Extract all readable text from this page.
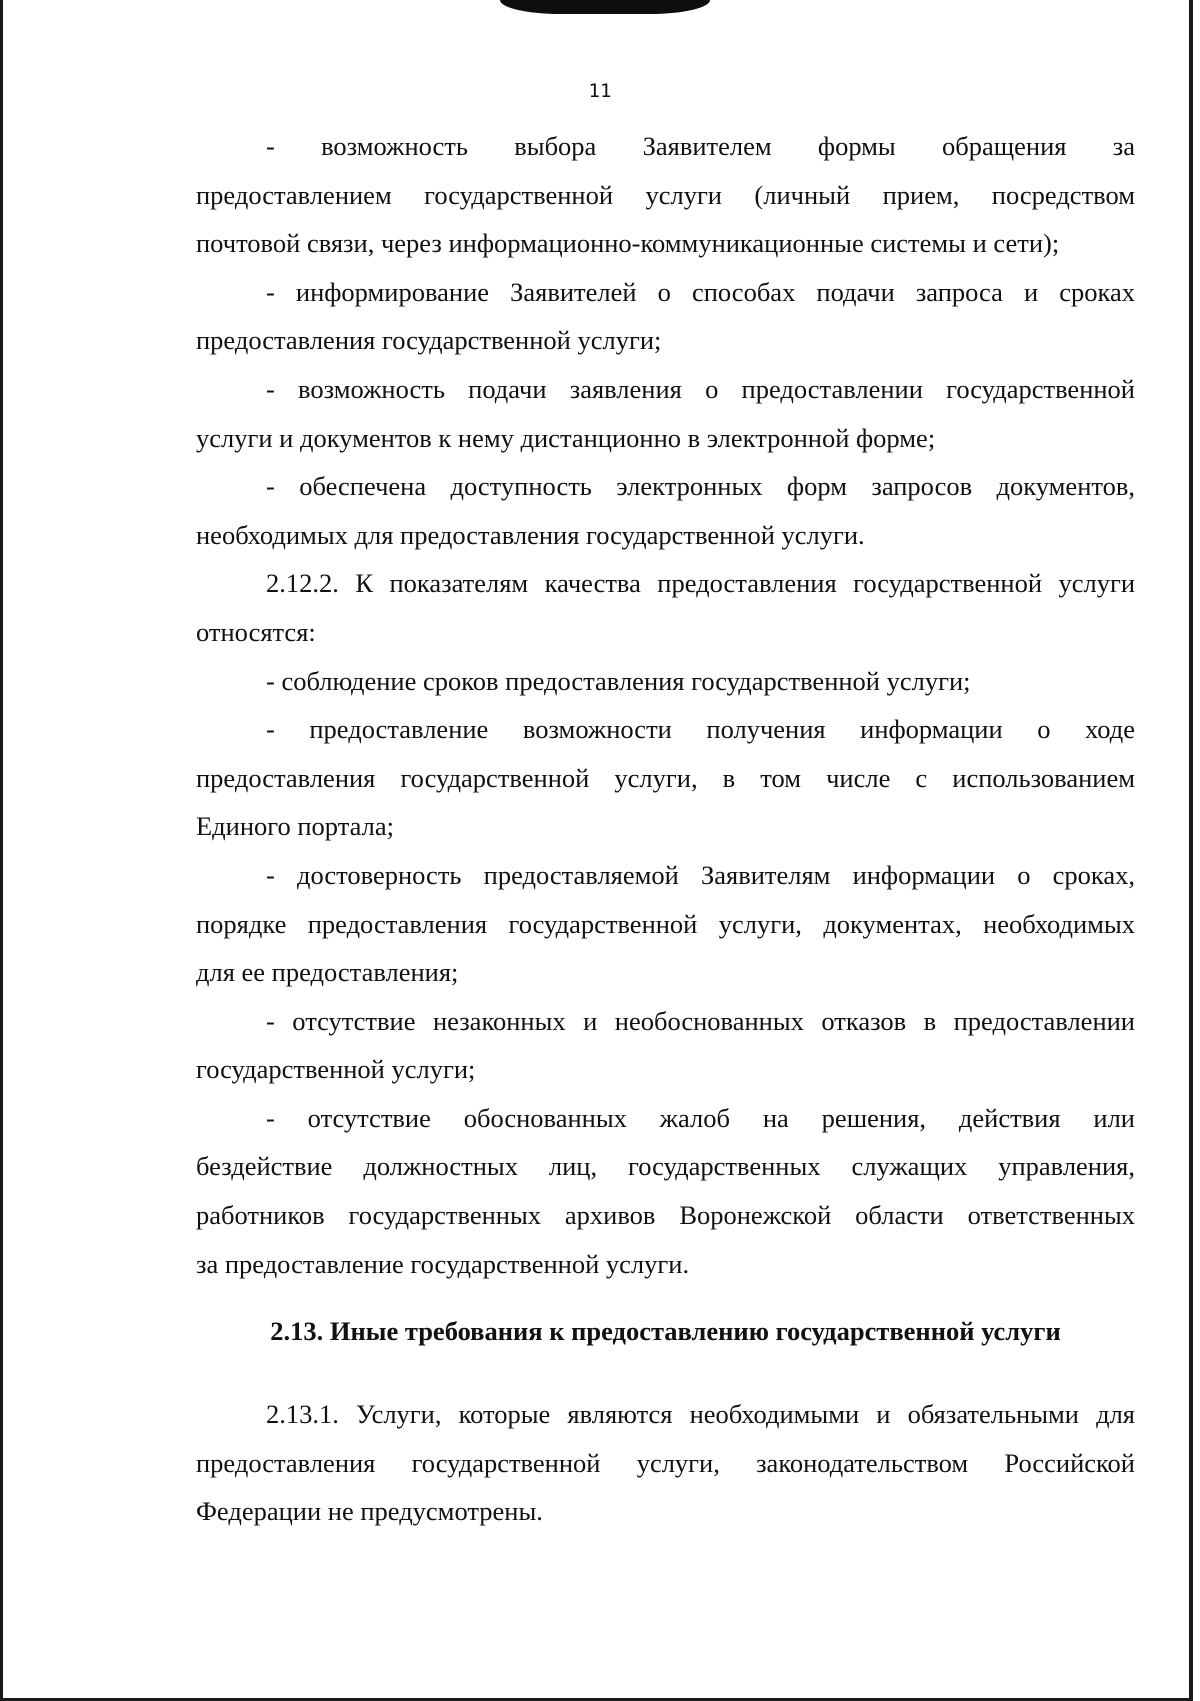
11
- возможность выбора Заявителем формы обращения за
предоставлением государственной услуги (личный прием, посредством
почтовой связи, через информационно-коммуникационные системы и сети);
- информирование Заявителей о способах подачи запроса и сроках
предоставления государственной услуги;
- возможность подачи заявления о предоставлении государственной
услуги и документов к нему дистанционно в электронной форме;
- обеспечена доступность электронных форм запросов документов,
необходимых для предоставления государственной услуги.
2.12.2. К показателям качества предоставления государственной услуги
относятся:
- соблюдение сроков предоставления государственной услуги;
- предоставление возможности получения информации о ходе
предоставления государственной услуги, в том числе с использованием
Единого портала;
- достоверность предоставляемой Заявителям информации о сроках,
порядке предоставления государственной услуги, документах, необходимых
для ее предоставления;
- отсутствие незаконных и необоснованных отказов в предоставлении
государственной услуги;
- отсутствие обоснованных жалоб на решения, действия или
бездействие должностных лиц, государственных служащих управления,
работников государственных архивов Воронежской области ответственных
за предоставление государственной услуги.
2.13. Иные требования к предоставлению государственной услуги
2.13.1. Услуги, которые являются необходимыми и обязательными для
предоставления государственной услуги, законодательством Российской
Федерации не предусмотрены.
